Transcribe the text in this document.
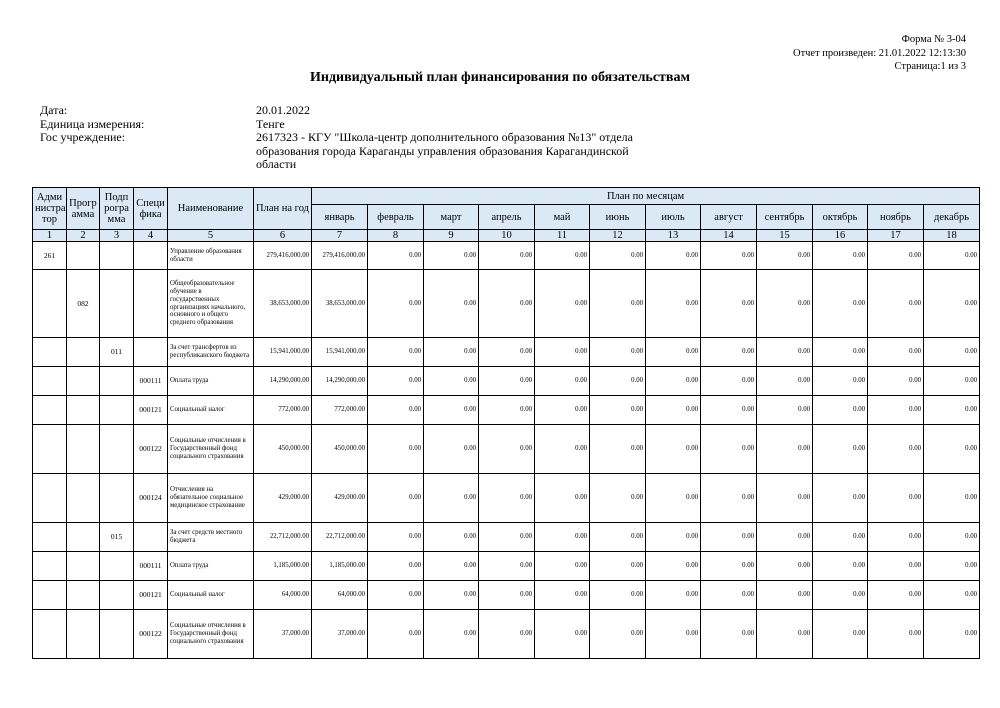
Форма № 3-04
Отчет произведен: 21.01.2022 12:13:30
Страница:1 из 3
Индивидуальный план финансирования по обязательствам
Дата:	20.01.2022
Единица измерения:	Тенге
Гос учреждение:	2617323 - КГУ "Школа-центр дополнительного образования №13" отдела образования города Караганды управления образования Карагандинской области
Адми нистра тор	Прогр амма	Подп рогра мма	Специ фика	Наименование	План на год	План по месяцам											
						январь	февраль	март	апрель	май	июнь	июль	август	сентябрь	октябрь	ноябрь	декабрь
1	2	3	4	5	6	7	8	9	10	11	12	13	14	15	16	17	18
261				Управление образования области	279,416,000.00	279,416,000.00	0.00	0.00	0.00	0.00	0.00	0.00	0.00	0.00	0.00	0.00	0.00
	082			Общеобразовательное обучение в государственных организациях начального, основного и общего среднего образования	38,653,000.00	38,653,000.00	0.00	0.00	0.00	0.00	0.00	0.00	0.00	0.00	0.00	0.00	0.00
		011		За счет трансфертов из республиканского бюджета	15,941,000.00	15,941,000.00	0.00	0.00	0.00	0.00	0.00	0.00	0.00	0.00	0.00	0.00	0.00
			000111	Оплата труда	14,290,000.00	14,290,000.00	0.00	0.00	0.00	0.00	0.00	0.00	0.00	0.00	0.00	0.00	0.00
			000121	Социальный налог	772,000.00	772,000.00	0.00	0.00	0.00	0.00	0.00	0.00	0.00	0.00	0.00	0.00	0.00
			000122	Социальные отчисления в Государственный фонд социального страхования	450,000.00	450,000.00	0.00	0.00	0.00	0.00	0.00	0.00	0.00	0.00	0.00	0.00	0.00
			000124	Отчисления на обязательное социальное медицинское страхование	429,000.00	429,000.00	0.00	0.00	0.00	0.00	0.00	0.00	0.00	0.00	0.00	0.00	0.00
		015		За счет средств местного бюджета	22,712,000.00	22,712,000.00	0.00	0.00	0.00	0.00	0.00	0.00	0.00	0.00	0.00	0.00	0.00
			000111	Оплата труда	1,185,000.00	1,185,000.00	0.00	0.00	0.00	0.00	0.00	0.00	0.00	0.00	0.00	0.00	0.00
			000121	Социальный налог	64,000.00	64,000.00	0.00	0.00	0.00	0.00	0.00	0.00	0.00	0.00	0.00	0.00	0.00
			000122	Социальные отчисления в Государственный фонд социального страхования	37,000.00	37,000.00	0.00	0.00	0.00	0.00	0.00	0.00	0.00	0.00	0.00	0.00	0.00
